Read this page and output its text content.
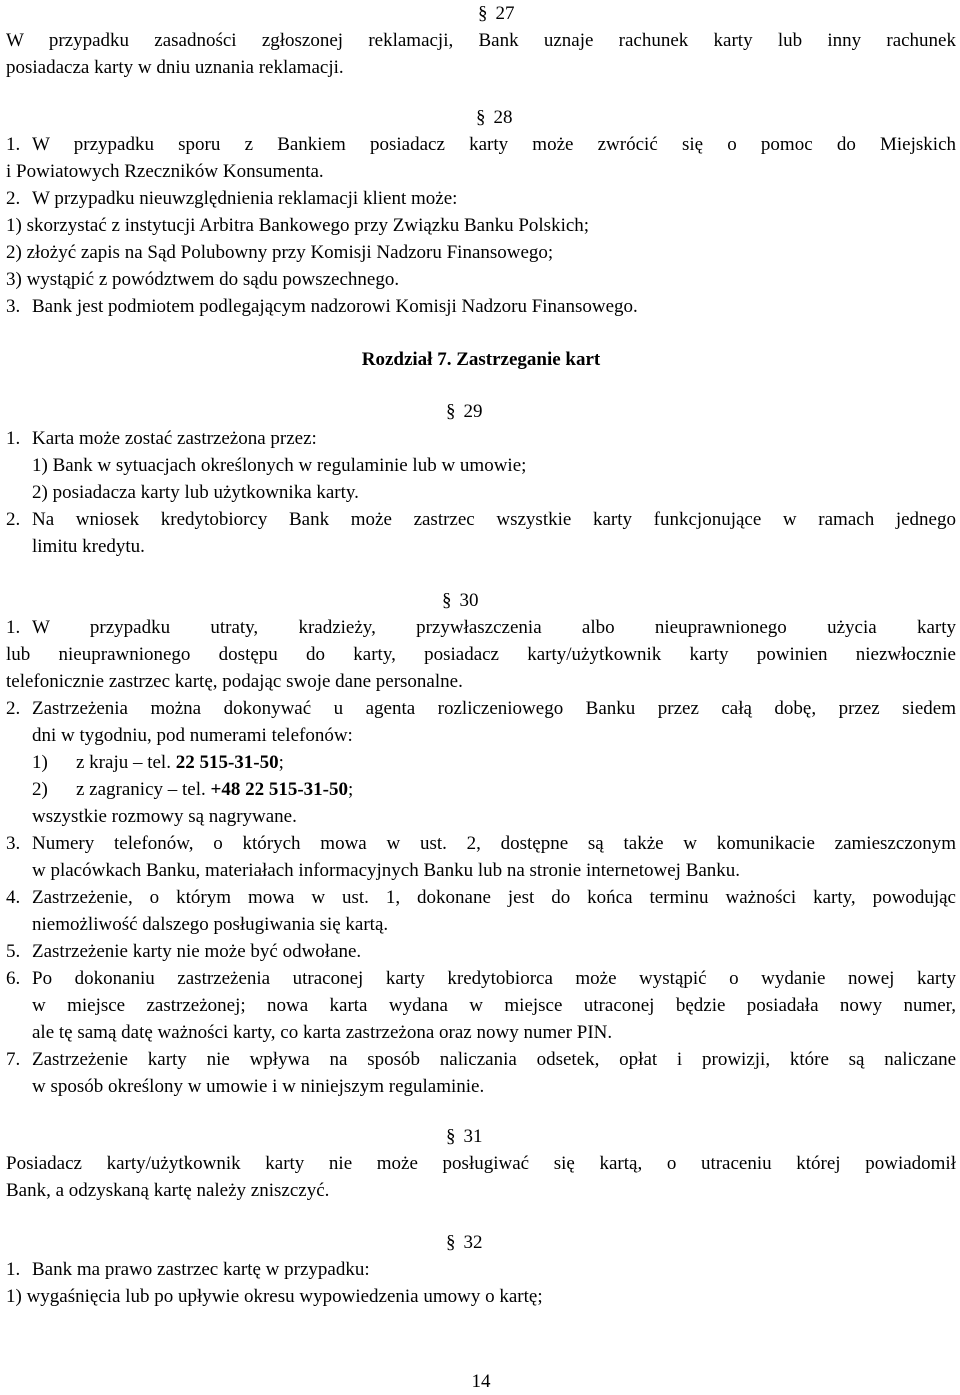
§ 27
W przypadku zasadności zgłoszonej reklamacji, Bank uznaje rachunek karty lub inny rachunek
posiadacza karty w dniu uznania reklamacji.
§ 28
1. W przypadku sporu z Bankiem posiadacz karty może zwrócić się o pomoc do Miejskich
i Powiatowych Rzeczników Konsumenta.
2. W przypadku nieuwzględnienia reklamacji klient może:
1) skorzystać z instytucji Arbitra Bankowego przy Związku Banku Polskich;
2) złożyć zapis na Sąd Polubowny przy Komisji Nadzoru Finansowego;
3) wystąpić z powództwem do sądu powszechnego.
3. Bank jest podmiotem podlegającym nadzorowi Komisji Nadzoru Finansowego.
Rozdział 7. Zastrzeganie kart
§ 29
1. Karta może zostać zastrzeżona przez:
1) Bank w sytuacjach określonych w regulaminie lub w umowie;
2) posiadacza karty lub użytkownika karty.
2. Na wniosek kredytobiorcy Bank może zastrzec wszystkie karty funkcjonujące w ramach jednego
limitu kredytu.
§ 30
1. W przypadku utraty, kradzieży, przywłaszczenia albo nieuprawnionego użycia karty
lub nieuprawnionego dostępu do karty, posiadacz karty/użytkownik karty powinien niezwłocznie
telefonicznie zastrzec kartę, podając swoje dane personalne.
2. Zastrzeżenia można dokonywać u agenta rozliczeniowego Banku przez całą dobę, przez siedem
dni w tygodniu, pod numerami telefonów:
1) z kraju – tel. 22 515-31-50;
2) z zagranicy – tel. +48 22 515-31-50;
wszystkie rozmowy są nagrywane.
3. Numery telefonów, o których mowa w ust. 2, dostępne są także w komunikacie zamieszczonym
w placówkach Banku, materiałach informacyjnych Banku lub na stronie internetowej Banku.
4. Zastrzeżenie, o którym mowa w ust. 1, dokonane jest do końca terminu ważności karty, powodując
niemożliwość dalszego posługiwania się kartą.
5. Zastrzeżenie karty nie może być odwołane.
6. Po dokonaniu zastrzeżenia utraconej karty kredytobiorca może wystąpić o wydanie nowej karty
w miejsce zastrzeżonej; nowa karta wydana w miejsce utraconej będzie posiadała nowy numer,
ale tę samą datę ważności karty, co karta zastrzeżona oraz nowy numer PIN.
7. Zastrzeżenie karty nie wpływa na sposób naliczania odsetek, opłat i prowizji, które są naliczane
w sposób określony w umowie i w niniejszym regulaminie.
§ 31
Posiadacz karty/użytkownik karty nie może posługiwać się kartą, o utraceniu której powiadomił
Bank, a odzyskaną kartę należy zniszczyć.
§ 32
1. Bank ma prawo zastrzec kartę w przypadku:
1) wygaśnięcia lub po upływie okresu wypowiedzenia umowy o kartę;
14
